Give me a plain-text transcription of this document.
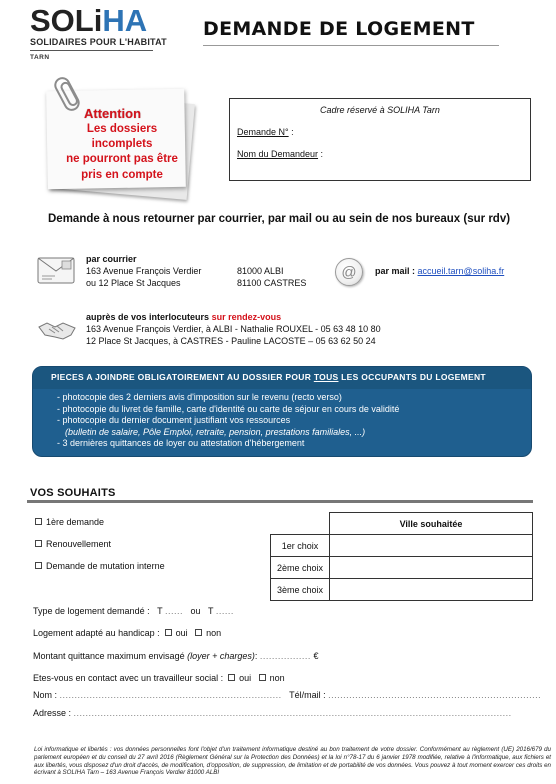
SOLiHA
SOLIDAIRES POUR L'HABITAT
TARN
DEMANDE DE LOGEMENT
Attention
Les dossiers incomplets
ne pourront pas être
pris en compte
Cadre réservé à SOLIHA Tarn
Demande N° :
Nom du Demandeur :
Demande à nous retourner par courrier, par mail ou au sein de nos bureaux (sur rdv)
par courrier
163 Avenue François Verdier	81000 ALBI
ou 12 Place St Jacques	81100 CASTRES
@	par mail : accueil.tarn@soliha.fr
auprès de vos interlocuteurs sur rendez-vous
163 Avenue François Verdier, à ALBI - Nathalie ROUXEL - 05 63 48 10 80
12 Place St Jacques, à CASTRES - Pauline LACOSTE – 05 63 62 50 24
PIECES A JOINDRE OBLIGATOIREMENT AU DOSSIER POUR TOUS LES OCCUPANTS DU LOGEMENT
- photocopie des 2 derniers avis d'imposition sur le revenu (recto verso)
- photocopie du livret de famille, carte d'identité ou carte de séjour en cours de validité
- photocopie du dernier document justifiant vos ressources
(bulletin de salaire, Pôle Emploi, retraite, pension, prestations familiales, ...)
- 3 dernières quittances de loyer ou attestation d'hébergement
VOS SOUHAITS
1ère demande
Renouvellement
Demande de mutation interne
	Ville souhaitée
1er choix	
2ème choix	
3ème choix	
Type de logement demandé : T ...... ou T ......
Logement adapté au handicap : oui non
Montant quittance maximum envisagé (loyer + charges): ................. €
Etes-vous en contact avec un travailleur social : oui non
Nom : .......................................................................... Tél/mail : .......................................................................
Adresse : ..................................................................................................................................................
Loi informatique et libertés : vos données personnelles font l'objet d'un traitement informatique destiné au bon traitement de votre dossier. Conformément au règlement (UE) 2016/679 du parlement européen et du conseil du 27 avril 2016 (Règlement Général sur la Protection des Données) et la loi n°78-17 du 6 janvier 1978 modifiée, relative à l'informatique, aux fichiers et aux libertés, vous disposez d'un droit d'accès, de modification, d'opposition, de suppression, de limitation et de portabilité de vos données. Vous pouvez à tout moment exercer ces droits en écrivant à SOLIHA Tarn – 163 Avenue François Verdier 81000 ALBI
